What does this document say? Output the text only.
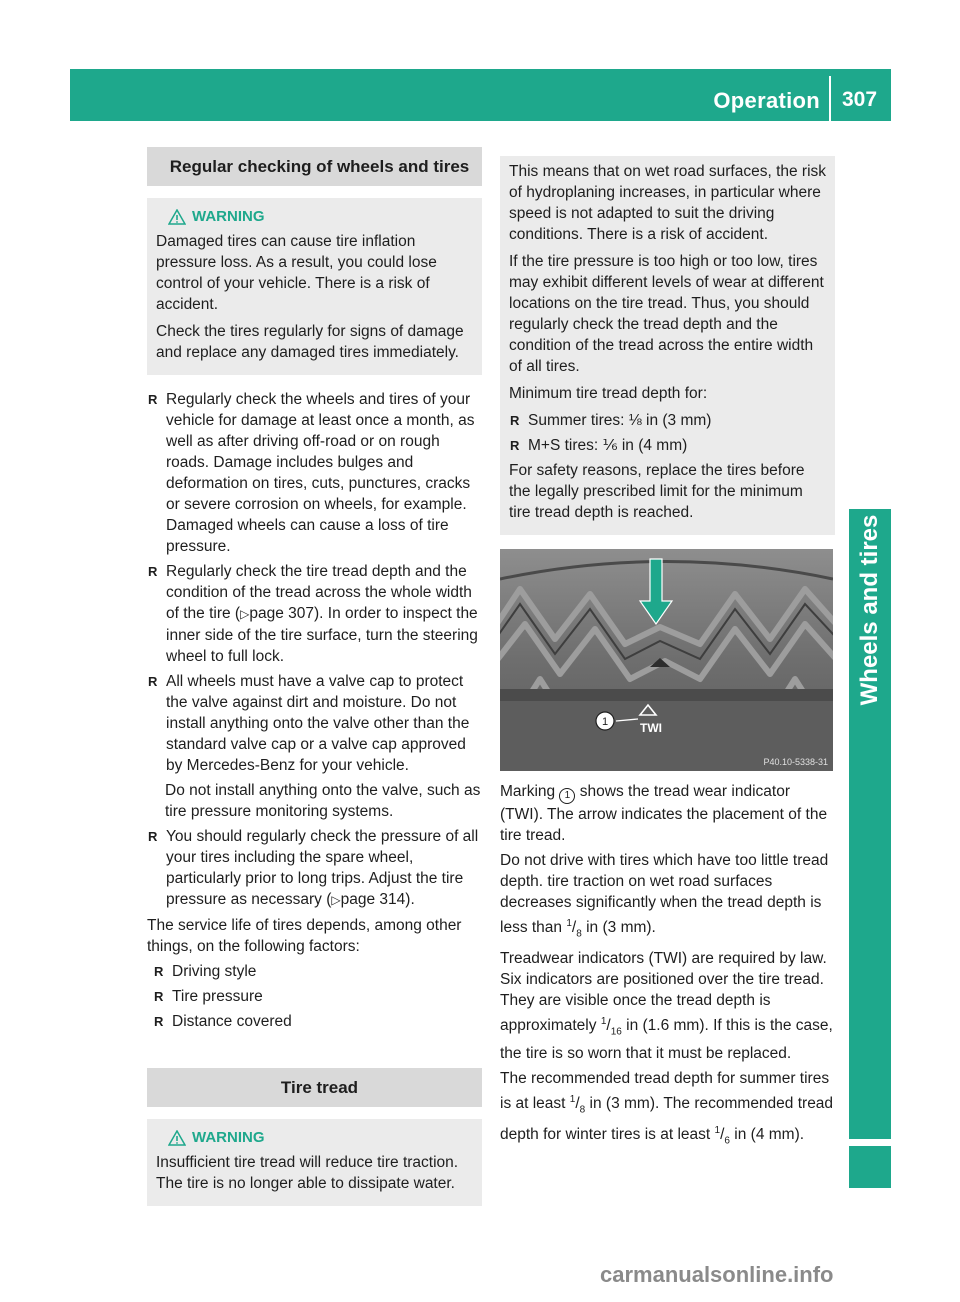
Operation 307
Wheels and tires
Regular checking of wheels and tires
WARNING

Damaged tires can cause tire inflation pressure loss. As a result, you could lose control of your vehicle. There is a risk of accident.

Check the tires regularly for signs of damage and replace any damaged tires immediately.

R Regularly check the wheels and tires of your vehicle for damage at least once a month, as well as after driving off-road or on rough roads. Damage includes bulges and deformation on tires, cuts, punctures, cracks or severe corrosion on wheels, for example. Damaged wheels can cause a loss of tire pressure.
R Regularly check the tire tread depth and the condition of the tread across the whole width of the tire (▷page 307). In order to inspect the inner side of the tire surface, turn the steering wheel to full lock.
R All wheels must have a valve cap to protect the valve against dirt and moisture. Do not install anything onto the valve other than the standard valve cap or a valve cap approved by Mercedes-Benz for your vehicle.
Do not install anything onto the valve, such as tire pressure monitoring systems.
R You should regularly check the pressure of all your tires including the spare wheel, particularly prior to long trips. Adjust the tire pressure as necessary (▷page 314).

The service life of tires depends, among other things, on the following factors:

R Driving style
R Tire pressure
R Distance covered
Tire tread
WARNING

Insufficient tire tread will reduce tire traction. The tire is no longer able to dissipate water.

This means that on wet road surfaces, the risk of hydroplaning increases, in particular where speed is not adapted to suit the driving conditions. There is a risk of accident.

If the tire pressure is too high or too low, tires may exhibit different levels of wear at different locations on the tire tread. Thus, you should regularly check the tread depth and the condition of the tread across the entire width of all tires.

Minimum tire tread depth for:

R Summer tires: ⅛ in (3 mm)
R M+S tires: ⅙ in (4 mm)

For safety reasons, replace the tires before the legally prescribed limit for the minimum tire tread depth is reached.

TWI
1
P40.10-5338-31

Marking 1 shows the tread wear indicator (TWI). The arrow indicates the placement of the tire tread.

Do not drive with tires which have too little tread depth. tire traction on wet road surfaces decreases significantly when the tread depth is less than $^1/_8$ in (3 mm).

Treadwear indicators (TWI) are required by law. Six indicators are positioned over the tire tread. They are visible once the tread depth is approximately $^1/_{16}$ in (1.6 mm). If this is the case, the tire is so worn that it must be replaced.

The recommended tread depth for summer tires is at least $^1/_8$ in (3 mm). The recommended tread depth for winter tires is at least $^1/_6$ in (4 mm).

carmanualsonline.info
